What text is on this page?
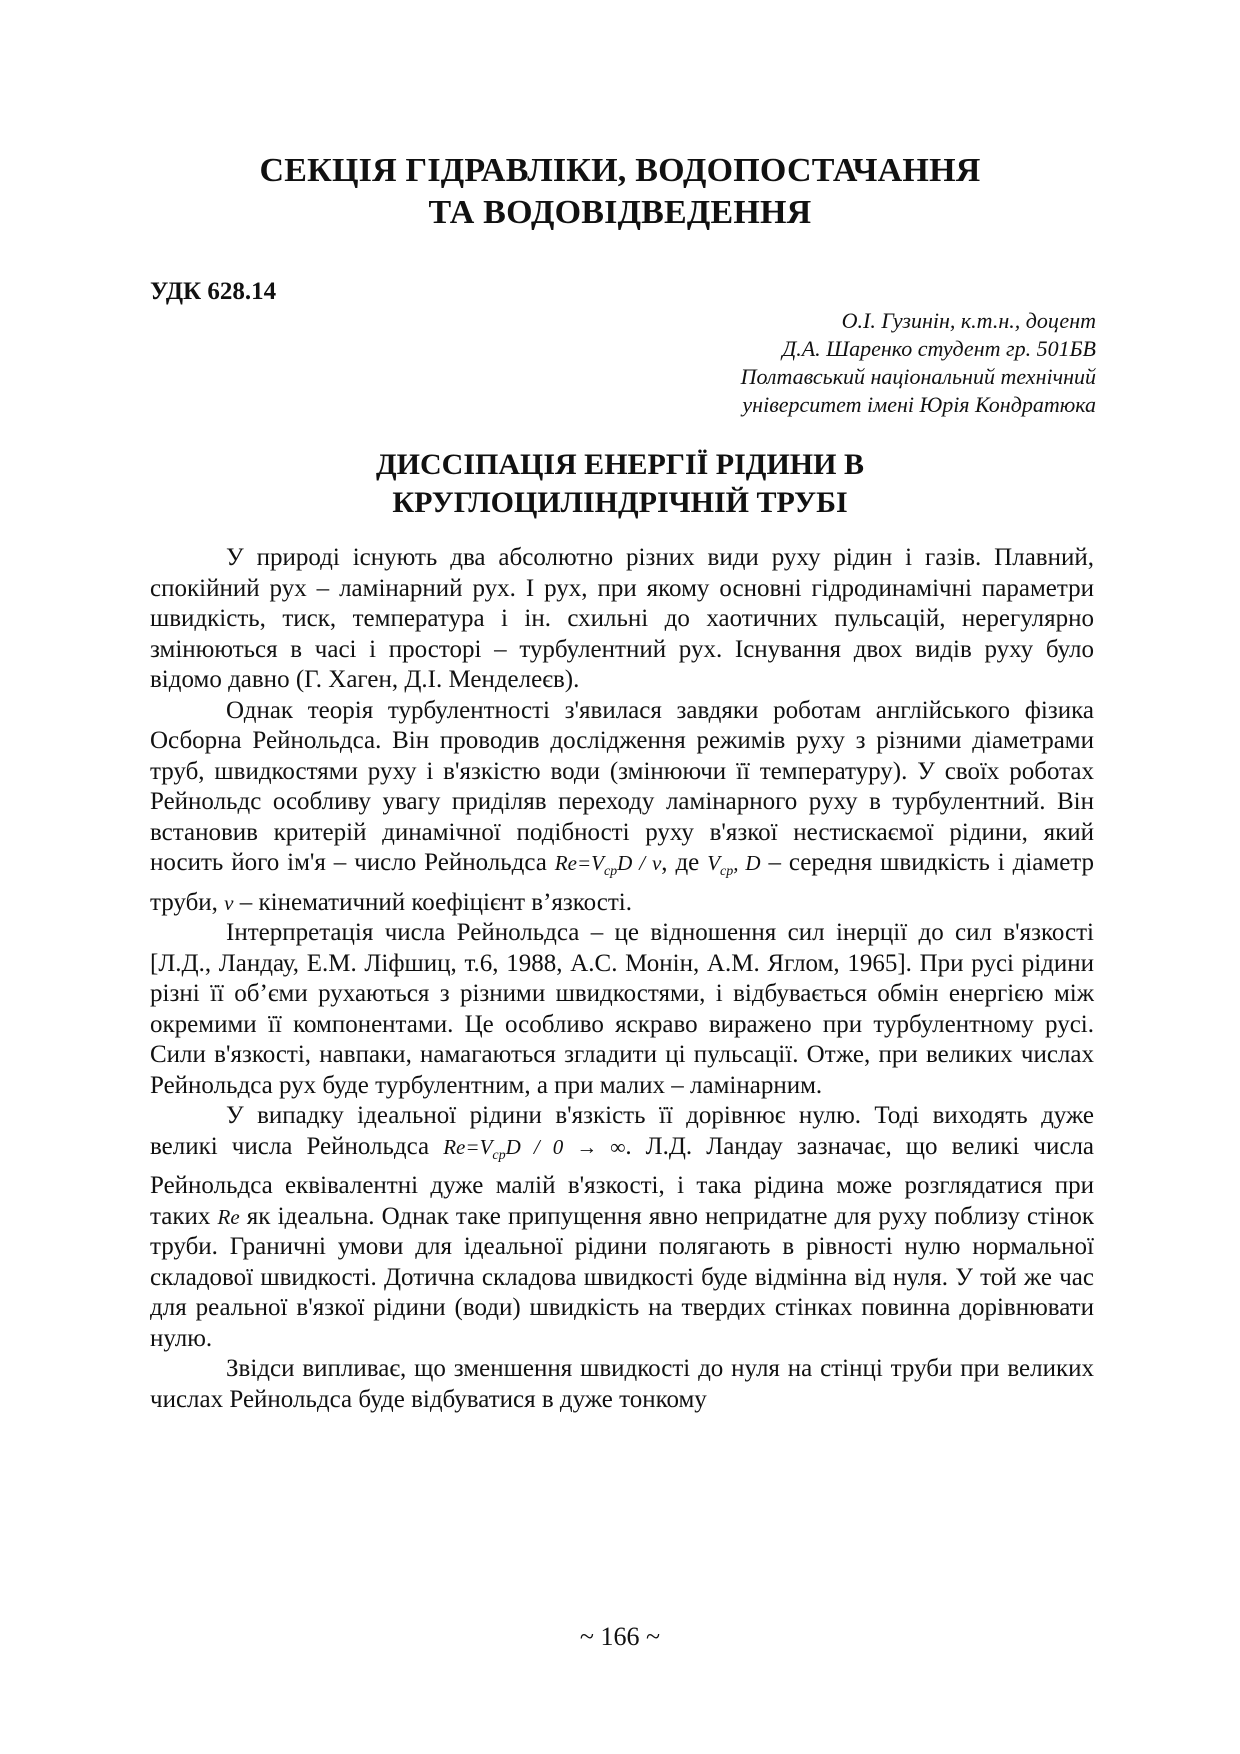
СЕКЦІЯ ГІДРАВЛІКИ, ВОДОПОСТАЧАННЯ
ТА ВОДОВІДВЕДЕННЯ
УДК 628.14
О.І. Гузинін, к.т.н., доцент
Д.А. Шаренко студент гр. 501БВ
Полтавський національний технічний
університет імені Юрія Кондратюка
ДИССІПАЦІЯ ЕНЕРГІЇ РІДИНИ В
КРУГЛОЦИЛІНДРІЧНІЙ ТРУБІ

У природі існують два абсолютно різних види руху рідин і газів. Плавний, спокійний рух – ламінарний рух. І рух, при якому основні гідродинамічні параметри швидкість, тиск, температура і ін. схильні до хаотичних пульсацій, нерегулярно змінюються в часі і просторі – турбулентний рух. Існування двох видів руху було відомо давно (Г. Хаген, Д.І. Менделеєв).

Однак теорія турбулентності з'явилася завдяки роботам англійського фізика Осборна Рейнольдса. Він проводив дослідження режимів руху з різними діаметрами труб, швидкостями руху і в'язкістю води (змінюючи її температуру). У своїх роботах Рейнольдс особливу увагу приділяв переходу ламінарного руху в турбулентний. Він встановив критерій динамічної подібності руху в'язкої нестискаємої рідини, який носить його ім'я – число Рейнольдса $Re=V_{cp}D / \nu$, де $V_{cp}$, D – середня швидкість і діаметр труби, ν – кінематичний коефіцієнт в’язкості.

Інтерпретація числа Рейнольдса – це відношення сил інерції до сил в'язкості [Л.Д., Ландау, Е.М. Ліфшиц, т.6, 1988, А.С. Монін, А.М. Яглом, 1965]. При русі рідини різні її об’єми рухаються з різними швидкостями, і відбувається обмін енергією між окремими її компонентами. Це особливо яскраво виражено при турбулентному русі. Сили в'язкості, навпаки, намагаються згладити ці пульсації. Отже, при великих числах Рейнольдса рух буде турбулентним, а при малих – ламінарним.

У випадку ідеальної рідини в'язкість її дорівнює нулю. Тоді виходять дуже великі числа Рейнольдса $Re=V_{cp}D / 0$ → ∞. Л.Д. Ландау зазначає, що великі числа Рейнольдса еквівалентні дуже малій в'язкості, і така рідина може розглядатися при таких Re як ідеальна. Однак таке припущення явно непридатне для руху поблизу стінок труби. Граничні умови для ідеальної рідини полягають в рівності нулю нормальної складової швидкості. Дотична складова швидкості буде відмінна від нуля. У той же час для реальної в'язкої рідини (води) швидкість на твердих стінках повинна дорівнювати нулю.

Звідси випливає, що зменшення швидкості до нуля на стінці труби при великих числах Рейнольдса буде відбуватися в дуже тонкому

~ 166 ~
